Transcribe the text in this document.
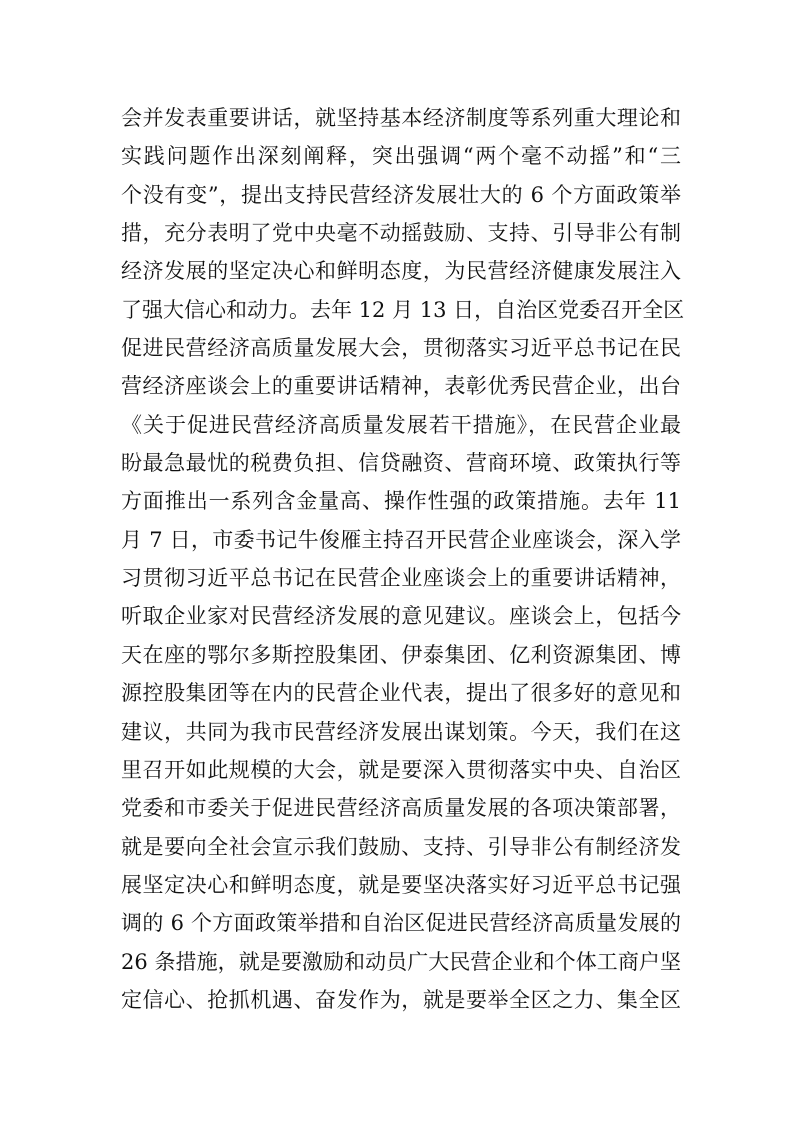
会并发表重要讲话，就坚持基本经济制度等系列重大理论和
实践问题作出深刻阐释，突出强调“两个毫不动摇”和“三
个没有变”，提出支持民营经济发展壮大的 6 个方面政策举
措，充分表明了党中央毫不动摇鼓励、支持、引导非公有制
经济发展的坚定决心和鲜明态度，为民营经济健康发展注入
了强大信心和动力。去年 12 月 13 日，自治区党委召开全区
促进民营经济高质量发展大会，贯彻落实习近平总书记在民
营经济座谈会上的重要讲话精神，表彰优秀民营企业，出台
《关于促进民营经济高质量发展若干措施》，在民营企业最
盼最急最忧的税费负担、信贷融资、营商环境、政策执行等
方面推出一系列含金量高、操作性强的政策措施。去年 11
月 7 日，市委书记牛俊雁主持召开民营企业座谈会，深入学
习贯彻习近平总书记在民营企业座谈会上的重要讲话精神，
听取企业家对民营经济发展的意见建议。座谈会上，包括今
天在座的鄂尔多斯控股集团、伊泰集团、亿利资源集团、博
源控股集团等在内的民营企业代表，提出了很多好的意见和
建议，共同为我市民营经济发展出谋划策。今天，我们在这
里召开如此规模的大会，就是要深入贯彻落实中央、自治区
党委和市委关于促进民营经济高质量发展的各项决策部署，
就是要向全社会宣示我们鼓励、支持、引导非公有制经济发
展坚定决心和鲜明态度，就是要坚决落实好习近平总书记强
调的 6 个方面政策举措和自治区促进民营经济高质量发展的
26 条措施，就是要激励和动员广大民营企业和个体工商户坚
定信心、抢抓机遇、奋发作为，就是要举全区之力、集全区
